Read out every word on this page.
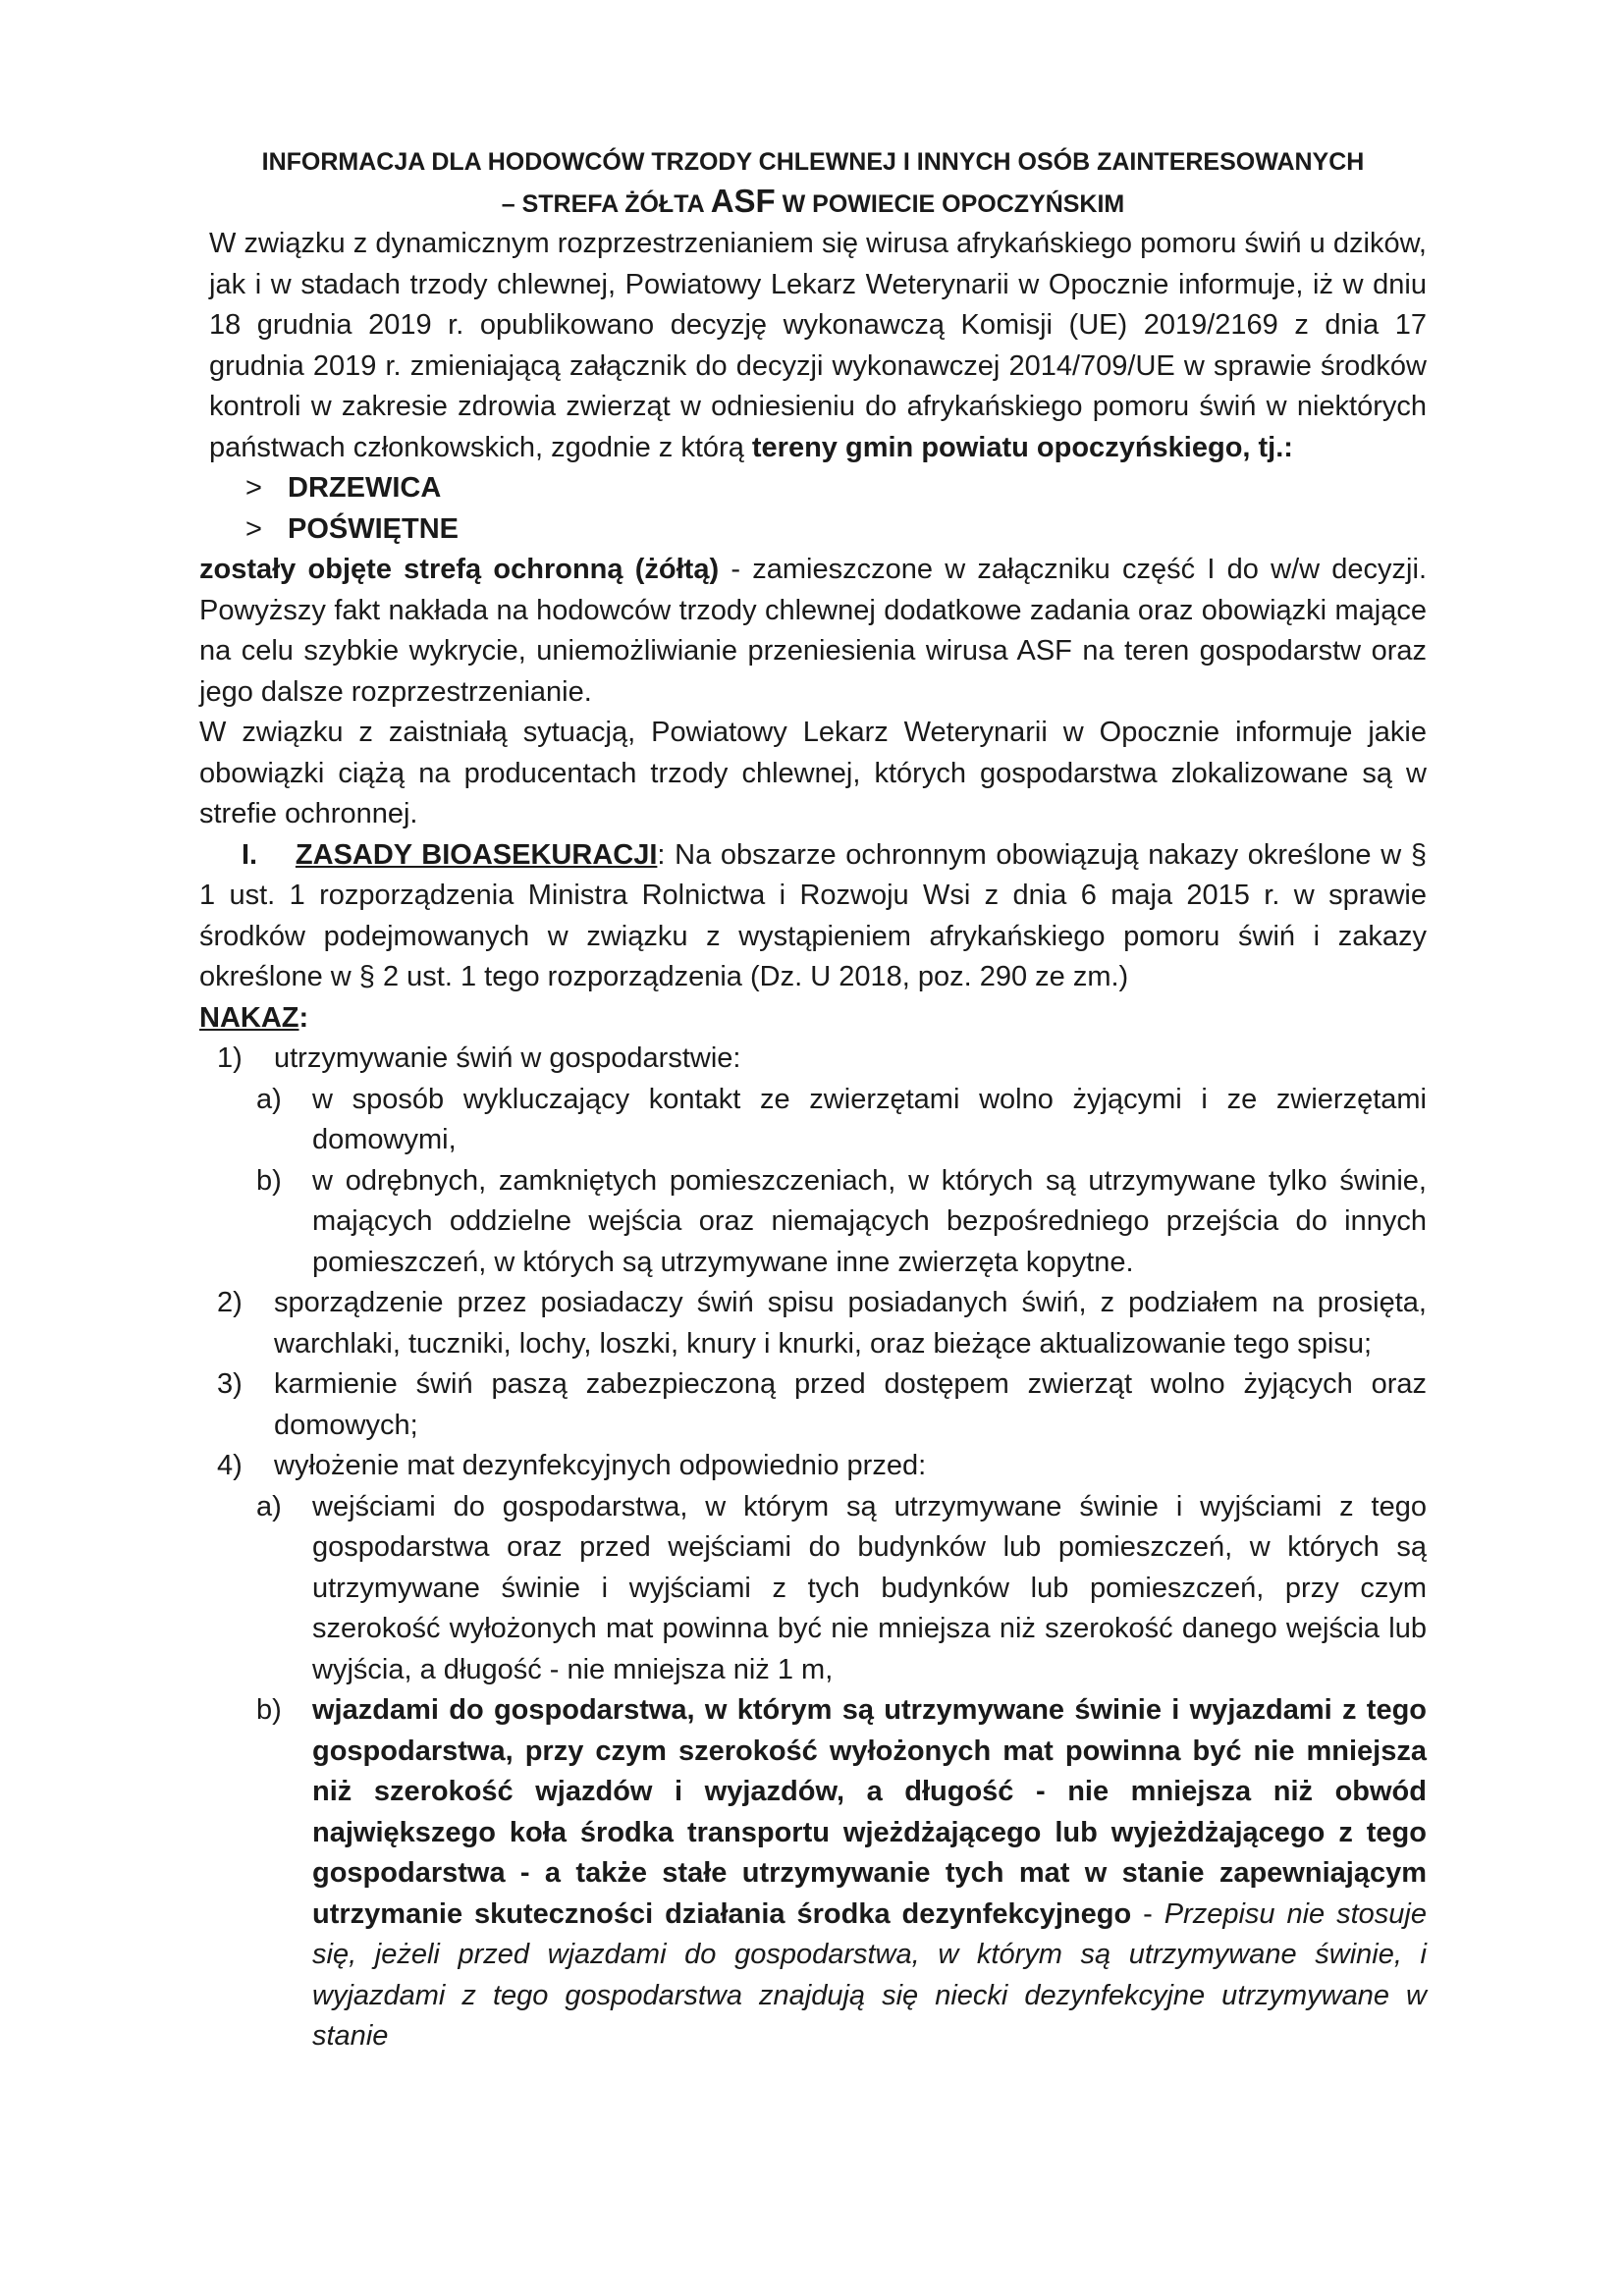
INFORMACJA DLA HODOWCÓW TRZODY CHLEWNEJ I INNYCH OSÓB ZAINTERESOWANYCH

– STREFA ŻÓŁTA ASF W POWIECIE OPOCZYŃSKIM

W związku z dynamicznym rozprzestrzenianiem się wirusa afrykańskiego pomoru świń u dzików, jak i w stadach trzody chlewnej, Powiatowy Lekarz Weterynarii w Opocznie informuje, iż w dniu 18 grudnia 2019 r. opublikowano decyzję wykonawczą Komisji (UE) 2019/2169 z dnia 17 grudnia 2019 r. zmieniającą załącznik do decyzji wykonawczej 2014/709/UE w sprawie środków kontroli w zakresie zdrowia zwierząt w odniesieniu do afrykańskiego pomoru świń w niektórych państwach członkowskich, zgodnie z którą tereny gmin powiatu opoczyńskiego, tj.:

> DRZEWICA
> POŚWIĘTNE

zostały objęte strefą ochronną (żółtą) - zamieszczone w załączniku część I do w/w decyzji. Powyższy fakt nakłada na hodowców trzody chlewnej dodatkowe zadania oraz obowiązki mające na celu szybkie wykrycie, uniemożliwianie przeniesienia wirusa ASF na teren gospodarstw oraz jego dalsze rozprzestrzenianie.

W związku z zaistniałą sytuacją, Powiatowy Lekarz Weterynarii w Opocznie informuje jakie obowiązki ciążą na producentach trzody chlewnej, których gospodarstwa zlokalizowane są w strefie ochronnej.

I. ZASADY BIOASEKURACJI: Na obszarze ochronnym obowiązują nakazy określone w § 1 ust. 1 rozporządzenia Ministra Rolnictwa i Rozwoju Wsi z dnia 6 maja 2015 r. w sprawie środków podejmowanych w związku z wystąpieniem afrykańskiego pomoru świń i zakazy określone w § 2 ust. 1 tego rozporządzenia (Dz. U 2018, poz. 290 ze zm.)

NAKAZ:

1)	utrzymywanie świń w gospodarstwie:
a)	w sposób wykluczający kontakt ze zwierzętami wolno żyjącymi i ze zwierzętami domowymi,
b)	w odrębnych, zamkniętych pomieszczeniach, w których są utrzymywane tylko świnie, mających oddzielne wejścia oraz niemających bezpośredniego przejścia do innych pomieszczeń, w których są utrzymywane inne zwierzęta kopytne.
2)	sporządzenie przez posiadaczy świń spisu posiadanych świń, z podziałem na prosięta, warchlaki, tuczniki, lochy, loszki, knury i knurki, oraz bieżące aktualizowanie tego spisu;
3)	karmienie świń paszą zabezpieczoną przed dostępem zwierząt wolno żyjących oraz domowych;
4)	wyłożenie mat dezynfekcyjnych odpowiednio przed:
a)	wejściami do gospodarstwa, w którym są utrzymywane świnie i wyjściami z tego gospodarstwa oraz przed wejściami do budynków lub pomieszczeń, w których są utrzymywane świnie i wyjściami z tych budynków lub pomieszczeń, przy czym szerokość wyłożonych mat powinna być nie mniejsza niż szerokość danego wejścia lub wyjścia, a długość - nie mniejsza niż 1 m,
b)	wjazdami do gospodarstwa, w którym są utrzymywane świnie i wyjazdami z tego gospodarstwa, przy czym szerokość wyłożonych mat powinna być nie mniejsza niż szerokość wjazdów i wyjazdów, a długość - nie mniejsza niż obwód największego koła środka transportu wjeżdżającego lub wyjeżdżającego z tego gospodarstwa - a także stałe utrzymywanie tych mat w stanie zapewniającym utrzymanie skuteczności działania środka dezynfekcyjnego - Przepisu nie stosuje się, jeżeli przed wjazdami do gospodarstwa, w którym są utrzymywane świnie, i wyjazdami z tego gospodarstwa znajdują się niecki dezynfekcyjne utrzymywane w stanie
